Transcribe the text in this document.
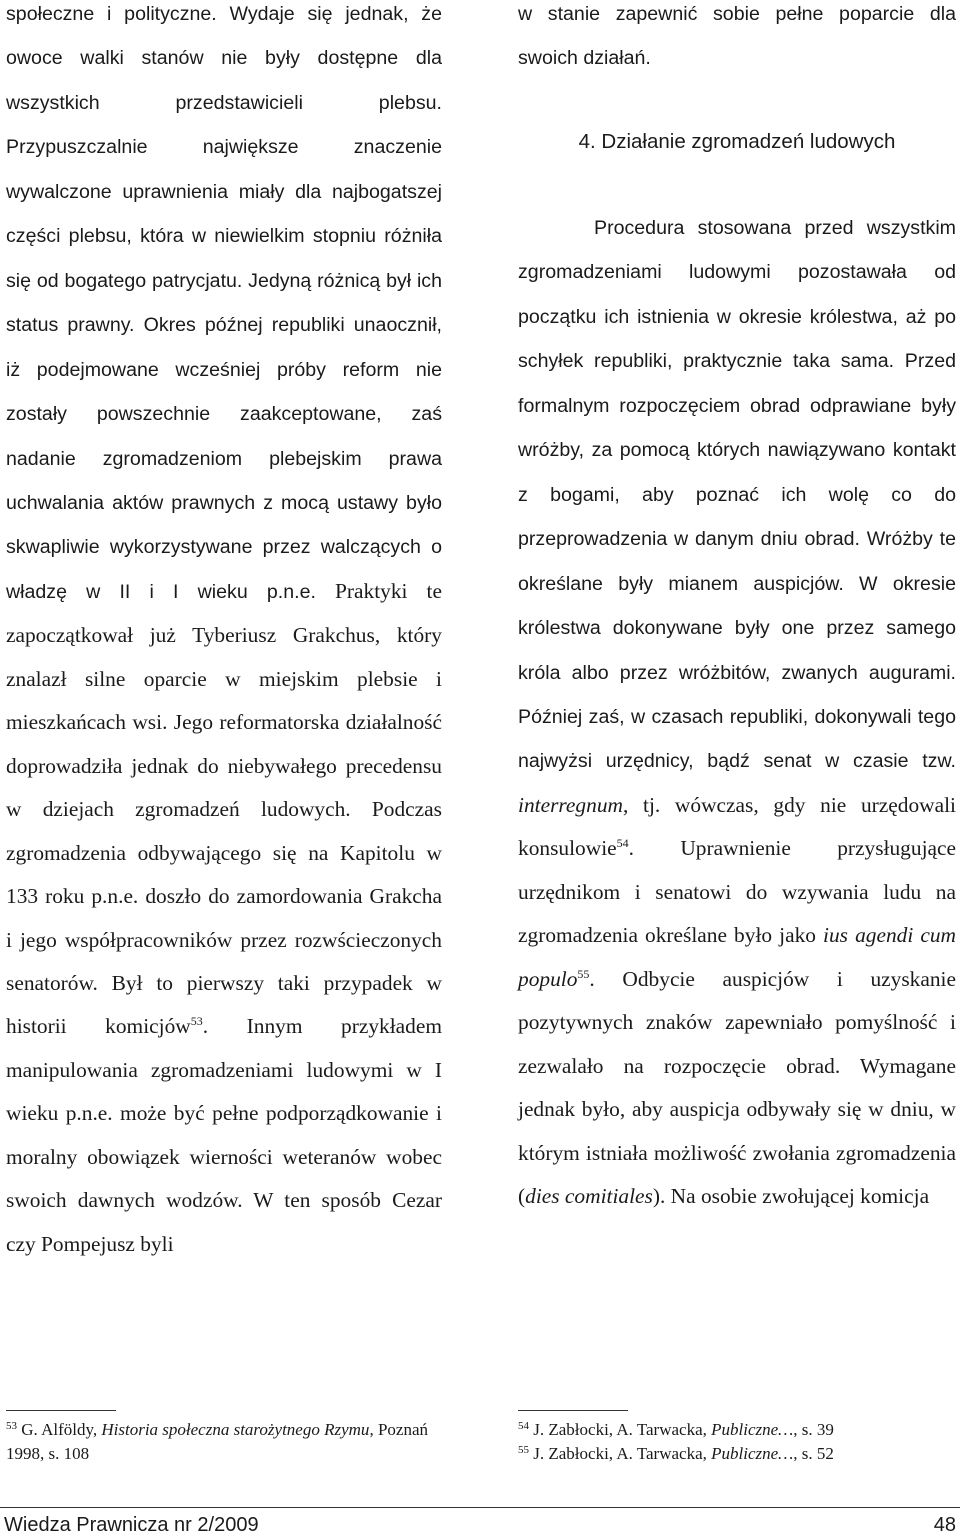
społeczne i polityczne. Wydaje się jednak, że owoce walki stanów nie były dostępne dla wszystkich przedstawicieli plebsu. Przypuszczalnie największe znaczenie wywalczone uprawnienia miały dla najbogatszej części plebsu, która w niewielkim stopniu różniła się od bogatego patrycjatu. Jedyną różnicą był ich status prawny. Okres późnej republiki unaocznił, iż podejmowane wcześniej próby reform nie zostały powszechnie zaakceptowane, zaś nadanie zgromadzeniom plebejskim prawa uchwalania aktów prawnych z mocą ustawy było skwapliwie wykorzystywane przez walczących o władzę w II i I wieku p.n.e. Praktyki te zapoczątkował już Tyberiusz Grakchus, który znalazł silne oparcie w miejskim plebsie i mieszkańcach wsi. Jego reformatorska działalność doprowadziła jednak do niebywałego precedensu w dziejach zgromadzeń ludowych. Podczas zgromadzenia odbywającego się na Kapitolu w 133 roku p.n.e. doszło do zamordowania Grakcha i jego współpracowników przez rozwścieczonych senatorów. Był to pierwszy taki przypadek w historii komicjów$^{53}$. Innym przykładem manipulowania zgromadzeniami ludowymi w I wieku p.n.e. może być pełne podporządkowanie i moralny obowiązek wierności weteranów wobec swoich dawnych wodzów. W ten sposób Cezar czy Pompejusz byli

w stanie zapewnić sobie pełne poparcie dla swoich działań.

4. Działanie zgromadzeń ludowych

Procedura stosowana przed wszystkim zgromadzeniami ludowymi pozostawała od początku ich istnienia w okresie królestwa, aż po schyłek republiki, praktycznie taka sama. Przed formalnym rozpoczęciem obrad odprawiane były wróżby, za pomocą których nawiązywano kontakt z bogami, aby poznać ich wolę co do przeprowadzenia w danym dniu obrad. Wróżby te określane były mianem auspicjów. W okresie królestwa dokonywane były one przez samego króla albo przez wróżbitów, zwanych augurami. Później zaś, w czasach republiki, dokonywali tego najwyżsi urzędnicy, bądź senat w czasie tzw. interregnum, tj. wówczas, gdy nie urzędowali konsulowie$^{54}$. Uprawnienie przysługujące urzędnikom i senatowi do wzywania ludu na zgromadzenia określane było jako ius agendi cum populo$^{55}$. Odbycie auspicjów i uzyskanie pozytywnych znaków zapewniało pomyślność i zezwalało na rozpoczęcie obrad. Wymagane jednak było, aby auspicja odbywały się w dniu, w którym istniała możliwość zwołania zgromadzenia (dies comitiales). Na osobie zwołującej komicja

$^{53}$ G. Alföldy, Historia społeczna starożytnego Rzymu, Poznań 1998, s. 108
$^{54}$ J. Zabłocki, A. Tarwacka, Publiczne…, s. 39
$^{55}$ J. Zabłocki, A. Tarwacka, Publiczne…, s. 52
Wiedza Prawnicza nr 2/2009	48
